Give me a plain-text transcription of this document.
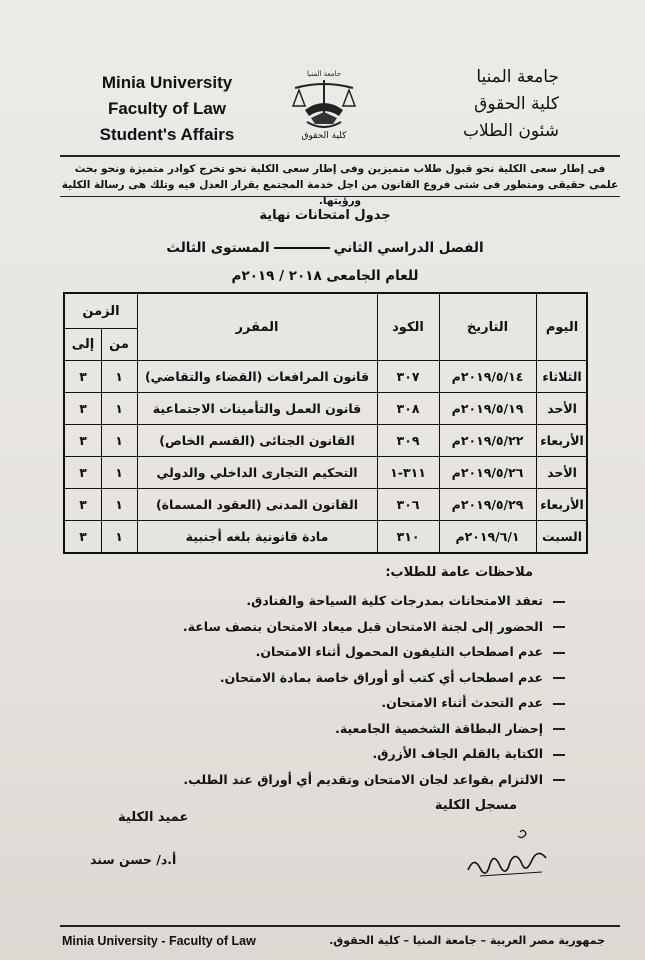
Minia University
Faculty of Law
Student's Affairs
جامعة المنيا
كلية الحقوق
جامعة المنيا
كلية الحقوق
شئون الطلاب
فى إطار سعى الكلية نحو قبول طلاب متميزين وفى إطار سعى الكلية نحو تخرج كوادر متميزة ونحو بحث علمى حقيقى ومتطور فى شتى فروع القانون من اجل خدمة المجتمع بقرار العدل فيه وتلك هى رسالة الكلية ورؤيتها.
جدول امتحانات نهاية
الفصل الدراسي الثانيالمستوى الثالث
للعام الجامعى ٢٠١٨ / ٢٠١٩م
اليوم
التاريخ
الكود
المقرر
الزمن
من
إلى
الثلاثاء
٢٠١٩/٥/١٤م
٣٠٧
قانون المرافعات (القضاء والتقاضي)
١
٣
الأحد
٢٠١٩/٥/١٩م
٣٠٨
قانون العمل والتأمينات الاجتماعية
١
٣
الأربعاء
٢٠١٩/٥/٢٢م
٣٠٩
القانون الجنائى (القسم الخاص)
١
٣
الأحد
٢٠١٩/٥/٢٦م
٣١١-١
التحكيم التجارى الداخلي والدولي
١
٣
الأربعاء
٢٠١٩/٥/٢٩م
٣٠٦
القانون المدنى (العقود المسماة)
١
٣
السبت
٢٠١٩/٦/١م
٣١٠
مادة قانونية بلغه أجنبية
١
٣
ملاحظات عامة للطلاب:
تعقد الامتحانات بمدرجات كلية السياحة والفنادق.
الحضور إلى لجنة الامتحان قبل ميعاد الامتحان بنصف ساعة.
عدم اصطحاب التليفون المحمول أثناء الامتحان.
عدم اصطحاب أي كتب أو أوراق خاصة بمادة الامتحان.
عدم التحدث أثناء الامتحان.
إحضار البطاقة الشخصية الجامعية.
الكتابة بالقلم الجاف الأزرق.
الالتزام بقواعد لجان الامتحان وتقديم أي أوراق عند الطلب.
مسجل الكلية
عميد الكلية
أ.د/ حسن سند
Minia University - Faculty of Law	جمهورية مصر العربية – جامعة المنيا – كلية الحقوق.
